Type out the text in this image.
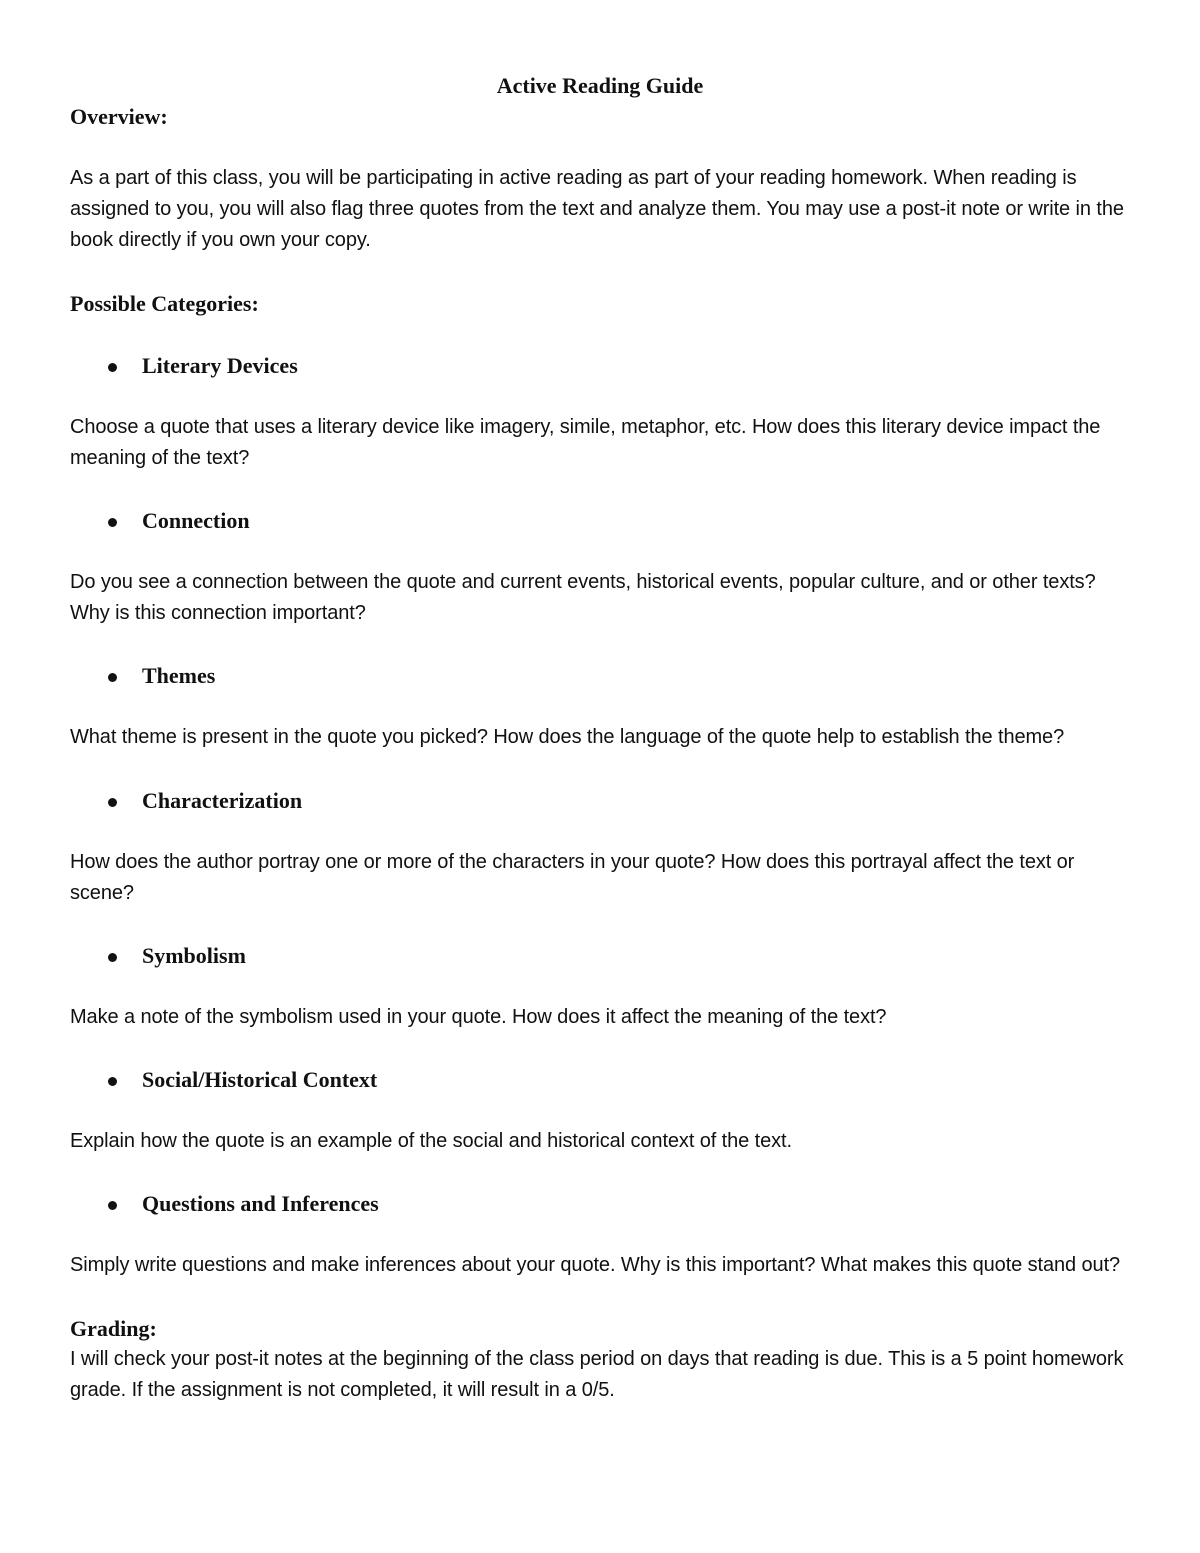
Active Reading Guide

Overview:

As a part of this class, you will be participating in active reading as part of your reading homework. When reading is assigned to you, you will also flag three quotes from the text and analyze them. You may use a post-it note or write in the book directly if you own your copy.

Possible Categories:

Literary Devices

Choose a quote that uses a literary device like imagery, simile, metaphor, etc. How does this literary device impact the meaning of the text?

Connection

Do you see a connection between the quote and current events, historical events, popular culture, and or other texts? Why is this connection important?

Themes

What theme is present in the quote you picked? How does the language of the quote help to establish the theme?

Characterization

How does the author portray one or more of the characters in your quote? How does this portrayal affect the text or scene?

Symbolism

Make a note of the symbolism used in your quote. How does it affect the meaning of the text?

Social/Historical Context

Explain how the quote is an example of the social and historical context of the text.

Questions and Inferences

Simply write questions and make inferences about your quote. Why is this important? What makes this quote stand out?

Grading:

I will check your post-it notes at the beginning of the class period on days that reading is due. This is a 5 point homework grade. If the assignment is not completed, it will result in a 0/5.
